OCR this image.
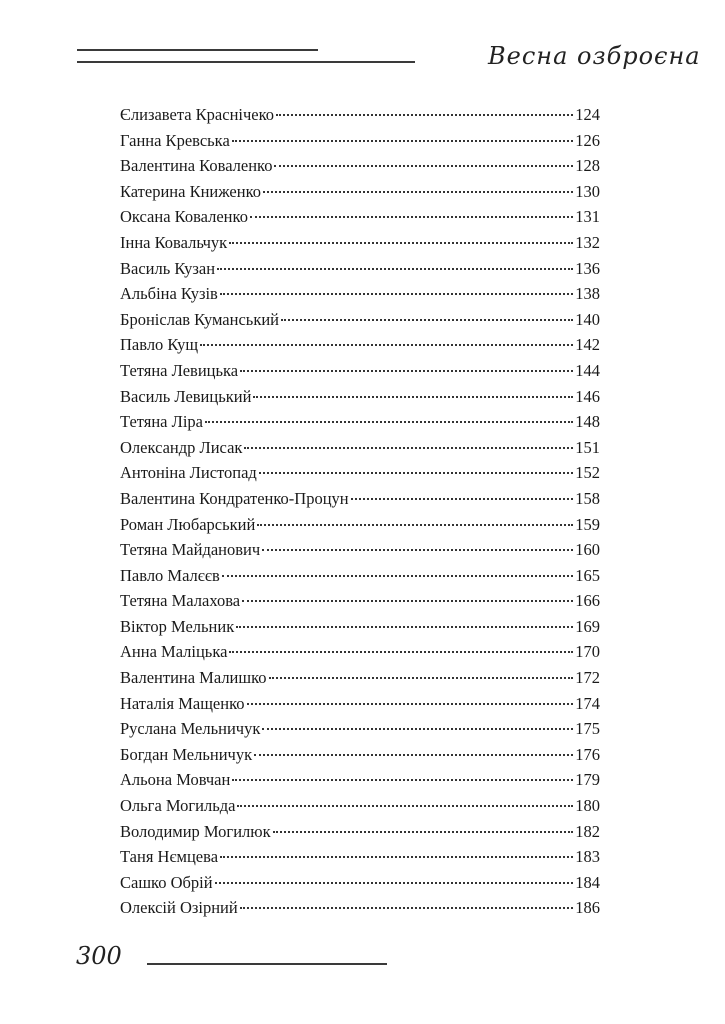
Весна озброєна
Єлизавета Краснічеко	124
Ганна Кревська	126
Валентина Коваленко	128
Катерина Книженко	130
Оксана Коваленко	131
Інна Ковальчук	132
Василь Кузан	136
Альбіна Кузів	138
Броніслав Куманський	140
Павло Кущ	142
Тетяна Левицька	144
Василь Левицький	146
Тетяна Ліра	148
Олександр Лисак	151
Антоніна Листопад	152
Валентина Кондратенко-Процун	158
Роман Любарський	159
Тетяна Майданович	160
Павло Малєєв	165
Тетяна Малахова	166
Віктор Мельник	169
Анна Маліцька	170
Валентина Малишко	172
Наталія Мащенко	174
Руслана Мельничук	175
Богдан Мельничук	176
Альона Мовчан	179
Ольга Могильда	180
Володимир Могилюк	182
Таня Нємцева	183
Сашко Обрій	184
Олексій Озірний	186
300
